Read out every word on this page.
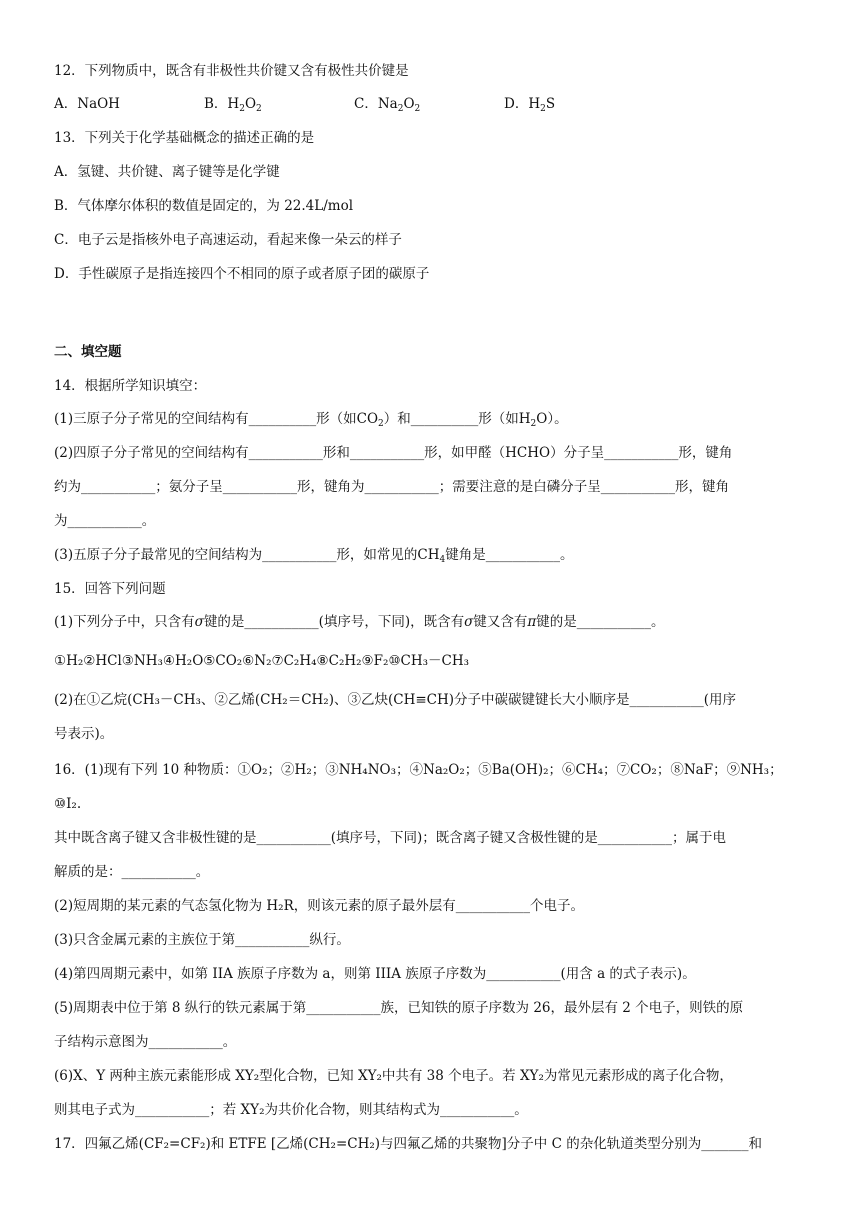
12．下列物质中，既含有非极性共价键又含有极性共价键是
A．NaOH	B．$H_2O_2$	C．$Na_2O_2$	D．$H_2S$
13．下列关于化学基础概念的描述正确的是
A．氢键、共价键、离子键等是化学键
B．气体摩尔体积的数值是固定的，为 22.4L/mol
C．电子云是指核外电子高速运动，看起来像一朵云的样子
D．手性碳原子是指连接四个不相同的原子或者原子团的碳原子
二、填空题
14．根据所学知识填空：
(1)三原子分子常见的空间结构有__________形（如$CO_2$）和__________形（如$H_2O$）。
(2)四原子分子常见的空间结构有___________形和___________形，如甲醛（HCHO）分子呈___________形，键角
约为___________；氨分子呈___________形，键角为___________；需要注意的是白磷分子呈___________形，键角
为___________。
(3)五原子分子最常见的空间结构为___________形，如常见的$CH_4$键角是___________。
15．回答下列问题
(1)下列分子中，只含有σ键的是___________(填序号，下同)，既含有σ键又含有π键的是___________。
①H₂②HCl③NH₃④H₂O⑤CO₂⑥N₂⑦C₂H₄⑧C₂H₂⑨F₂⑩CH₃－CH₃
(2)在①乙烷(CH₃－CH₃、②乙烯(CH₂＝CH₂)、③乙炔(CH≡CH)分子中碳碳键键长大小顺序是___________(用序
号表示)。
16．(1)现有下列 10 种物质：①O₂；②H₂；③NH₄NO₃；④Na₂O₂；⑤Ba(OH)₂；⑥CH₄；⑦CO₂；⑧NaF；⑨NH₃；
⑩I₂.
其中既含离子键又含非极性键的是___________(填序号，下同)；既含离子键又含极性键的是___________；属于电
解质的是：___________。
(2)短周期的某元素的气态氢化物为 H₂R，则该元素的原子最外层有___________个电子。
(3)只含金属元素的主族位于第___________纵行。
(4)第四周期元素中，如第 IIA 族原子序数为 a，则第 IIIA 族原子序数为___________(用含 a 的式子表示)。
(5)周期表中位于第 8 纵行的铁元素属于第___________族，已知铁的原子序数为 26，最外层有 2 个电子，则铁的原
子结构示意图为___________。
(6)X、Y 两种主族元素能形成 XY₂型化合物，已知 XY₂中共有 38 个电子。若 XY₂为常见元素形成的离子化合物，
则其电子式为___________；若 XY₂为共价化合物，则其结构式为___________。
17．四氟乙烯(CF₂=CF₂)和 ETFE [乙烯(CH₂=CH₂)与四氟乙烯的共聚物]分子中 C 的杂化轨道类型分别为_______和
